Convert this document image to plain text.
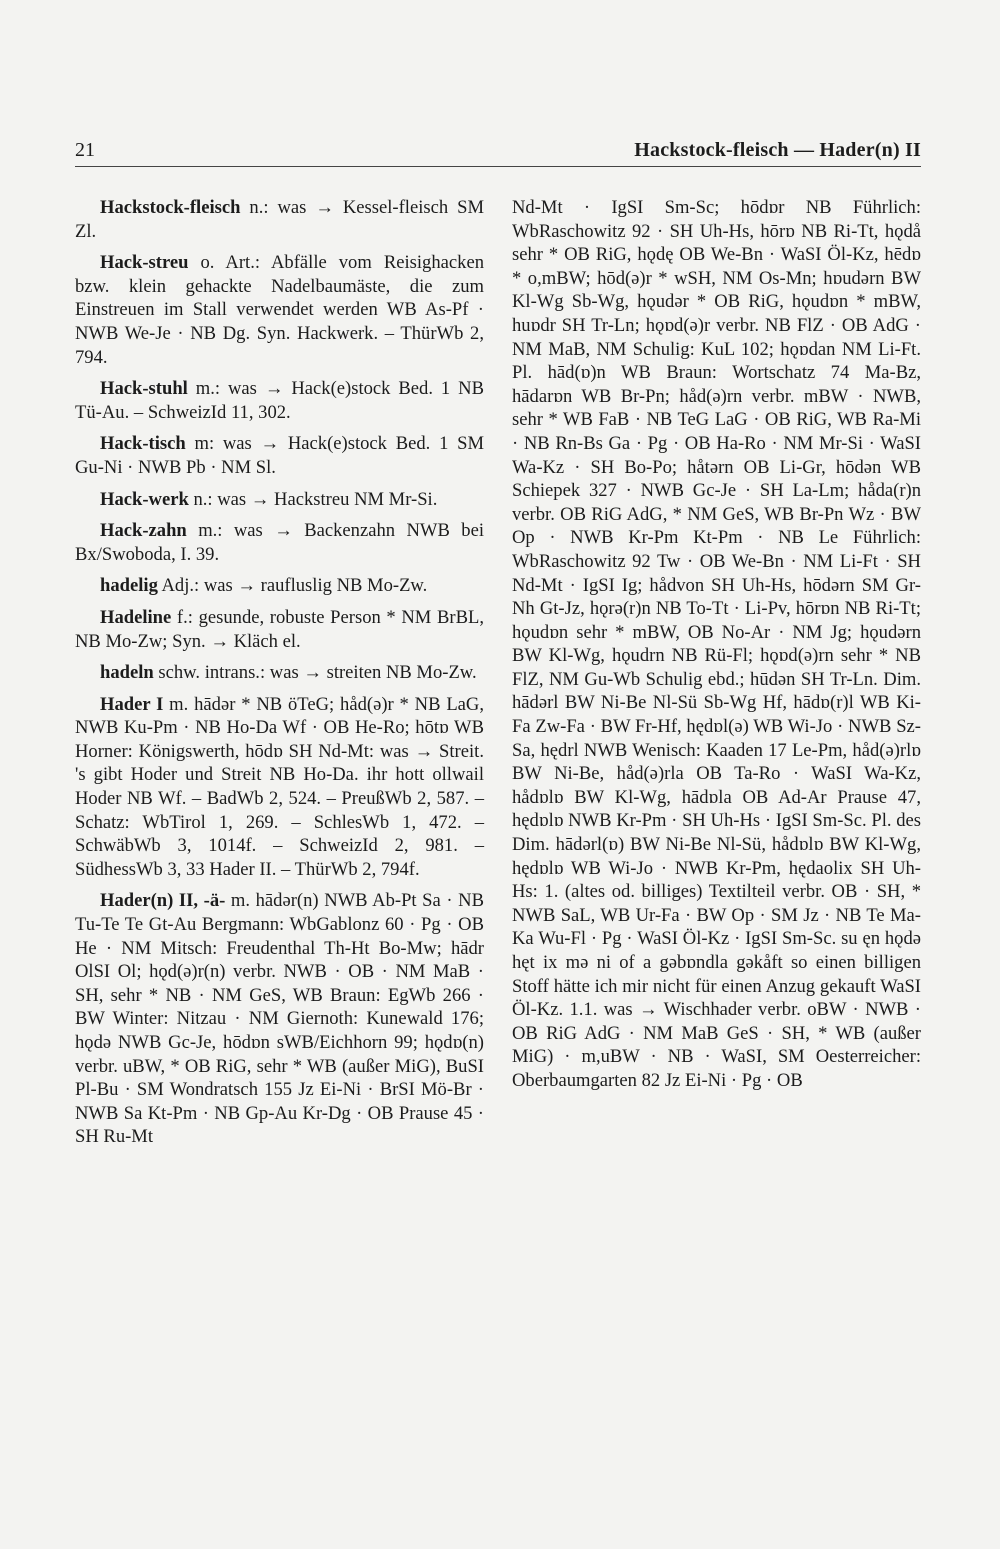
21	Hackstock-fleisch — Hader(n) II

Hackstock-fleisch n.: was → Kessel-fleisch SM Zl.

Hack-streu o. Art.: Abfälle vom Reisighacken bzw. klein gehackte Nadelbaumäste, die zum Einstreuen im Stall verwendet werden WB As-Pf · NWB We-Je · NB Dg. Syn. Hackwerk. – ThürWb 2, 794.

Hack-stuhl m.: was → Hack(e)stock Bed. 1 NB Tü-Au. – SchweizId 11, 302.

Hack-tisch m: was → Hack(e)stock Bed. 1 SM Gu-Ni · NWB Pb · NM Sl.

Hack-werk n.: was → Hackstreu NM Mr-Si.

Hack-zahn m.: was → Backenzahn NWB bei Bx/Swoboda, I. 39.

hadelig Adj.: was → raufluslig NB Mo-Zw.

Hadeline f.: gesunde, robuste Person * NM BrBL, NB Mo-Zw; Syn. → Kläch el.

hadeln schw. intrans.: was → streiten NB Mo-Zw.

Hader I m. hādər * NB öTeG; håd(ə)r * NB LaG, NWB Ku-Pm · NB Ho-Da Wf · OB He-Ro; hōtɒ WB Horner: Königswerth, hōdɒ SH Nd-Mt: was → Streit. 's gibt Hoder und Streit NB Ho-Da. ihr hott ollwail Hoder NB Wf. – BadWb 2, 524. – PreußWb 2, 587. – Schatz: WbTirol 1, 269. – SchlesWb 1, 472. – SchwäbWb 3, 1014f. – SchweizId 2, 981. – SüdhessWb 3, 33 Hader II. – ThürWb 2, 794f.

Hader(n) II, -ä- m. hādər(n) NWB Ab-Pt Sa · NB Tu-Te Te Gt-Au Bergmann: WbGablonz 60 · Pg · OB He · NM Mitsch: Freudenthal Th-Ht Bo-Mw; hādr OlSI Ol; hǫd(ə)r(n) verbr. NWB · OB · NM MaB · SH, sehr * NB · NM GeS, WB Braun: EgWb 266 · BW Winter: Nitzau · NM Giernoth: Kunewald 176; hǫdə NWB Gc-Je, hōdɒn sWB/Eichhorn 99; hǫdɒ(n) verbr. uBW, * OB RiG, sehr * WB (außer MiG), BuSI Pl-Bu · SM Wondratsch 155 Jz Ei-Ni · BrSI Mö-Br · NWB Sa Kt-Pm · NB Gp-Au Kr-Dg · OB Prause 45 · SH Ru-Mt

Nd-Mt · IgSI Sm-Sc; hōdɒr NB Führlich: WbRaschowitz 92 · SH Uh-Hs, hōrɒ NB Ri-Tt, hǫdå sehr * OB RiG, hǫdę OB We-Bn · WaSI Öl-Kz, hēdɒ * o,mBW; hōd(ə)r * wSH, NM Os-Mn; hɒudərn BW Kl-Wg Sb-Wg, hǫudər * OB RiG, hǫudɒn * mBW, huɒdr SH Tr-Ln; hǫɒd(ə)r verbr. NB FlZ · OB AdG · NM MaB, NM Schulig: KuL 102; hǫɒdan NM Li-Ft. Pl. hād(ɒ)n WB Braun: Wortschatz 74 Ma-Bz, hādarɒn WB Br-Pn; håd(ə)rn verbr. mBW · NWB, sehr * WB FaB · NB TeG LaG · OB RiG, WB Ra-Mi · NB Rn-Bs Ga · Pg · OB Ha-Ro · NM Mr-Si · WaSI Wa-Kz · SH Bo-Po; håtərn OB Li-Gr, hōdən WB Schiepek 327 · NWB Gc-Je · SH La-Lm; håda(r)n verbr. OB RiG AdG, * NM GeS, WB Br-Pn Wz · BW Op · NWB Kr-Pm Kt-Pm · NB Le Führlich: WbRaschowitz 92 Tw · OB We-Bn · NM Li-Ft · SH Nd-Mt · IgSI Ig; hådvon SH Uh-Hs, hōdərn SM Gr-Nh Gt-Jz, hǫrə(r)n NB To-Tt · Li-Pv, hōrɒn NB Ri-Tt; hǫudɒn sehr * mBW, OB No-Ar · NM Jg; hǫudərn BW Kl-Wg, hǫudrn NB Rü-Fl; hǫɒd(ə)rn sehr * NB FlZ, NM Gu-Wb Schulig ebd.; hūdən SH Tr-Ln. Dim. hādərl BW Ni-Be Nl-Sü Sb-Wg Hf, hādɒ(r)l WB Ki-Fa Zw-Fa · BW Fr-Hf, hędɒl(ə) WB Wi-Jo · NWB Sz-Sa, hędrl NWB Wenisch: Kaaden 17 Le-Pm, håd(ə)rlɒ BW Ni-Be, håd(ə)rla OB Ta-Ro · WaSI Wa-Kz, hådɒlɒ BW Kl-Wg, hādɒla OB Ad-Ar Prause 47, hędɒlɒ NWB Kr-Pm · SH Uh-Hs · IgSI Sm-Sc. Pl. des Dim. hādərl(ɒ) BW Ni-Be Nl-Sü, hådɒlɒ BW Kl-Wg, hędɒlɒ WB Wi-Jo · NWB Kr-Pm, hędaolix SH Uh-Hs: 1. (altes od. billiges) Textilteil verbr. OB · SH, * NWB SaL, WB Ur-Fa · BW Op · SM Jz · NB Te Ma-Ka Wu-Fl · Pg · WaSI Öl-Kz · IgSI Sm-Sc. su ęn hǫdə hęt ix mə ni of a gəbɒndla gəkåft so einen billigen Stoff hätte ich mir nicht für einen Anzug gekauft WaSI Öl-Kz. 1.1. was → Wischhader verbr. oBW · NWB · OB RiG AdG · NM MaB GeS · SH, * WB (außer MiG) · m,uBW · NB · WaSI, SM Oesterreicher: Oberbaumgarten 82 Jz Ei-Ni · Pg · OB
